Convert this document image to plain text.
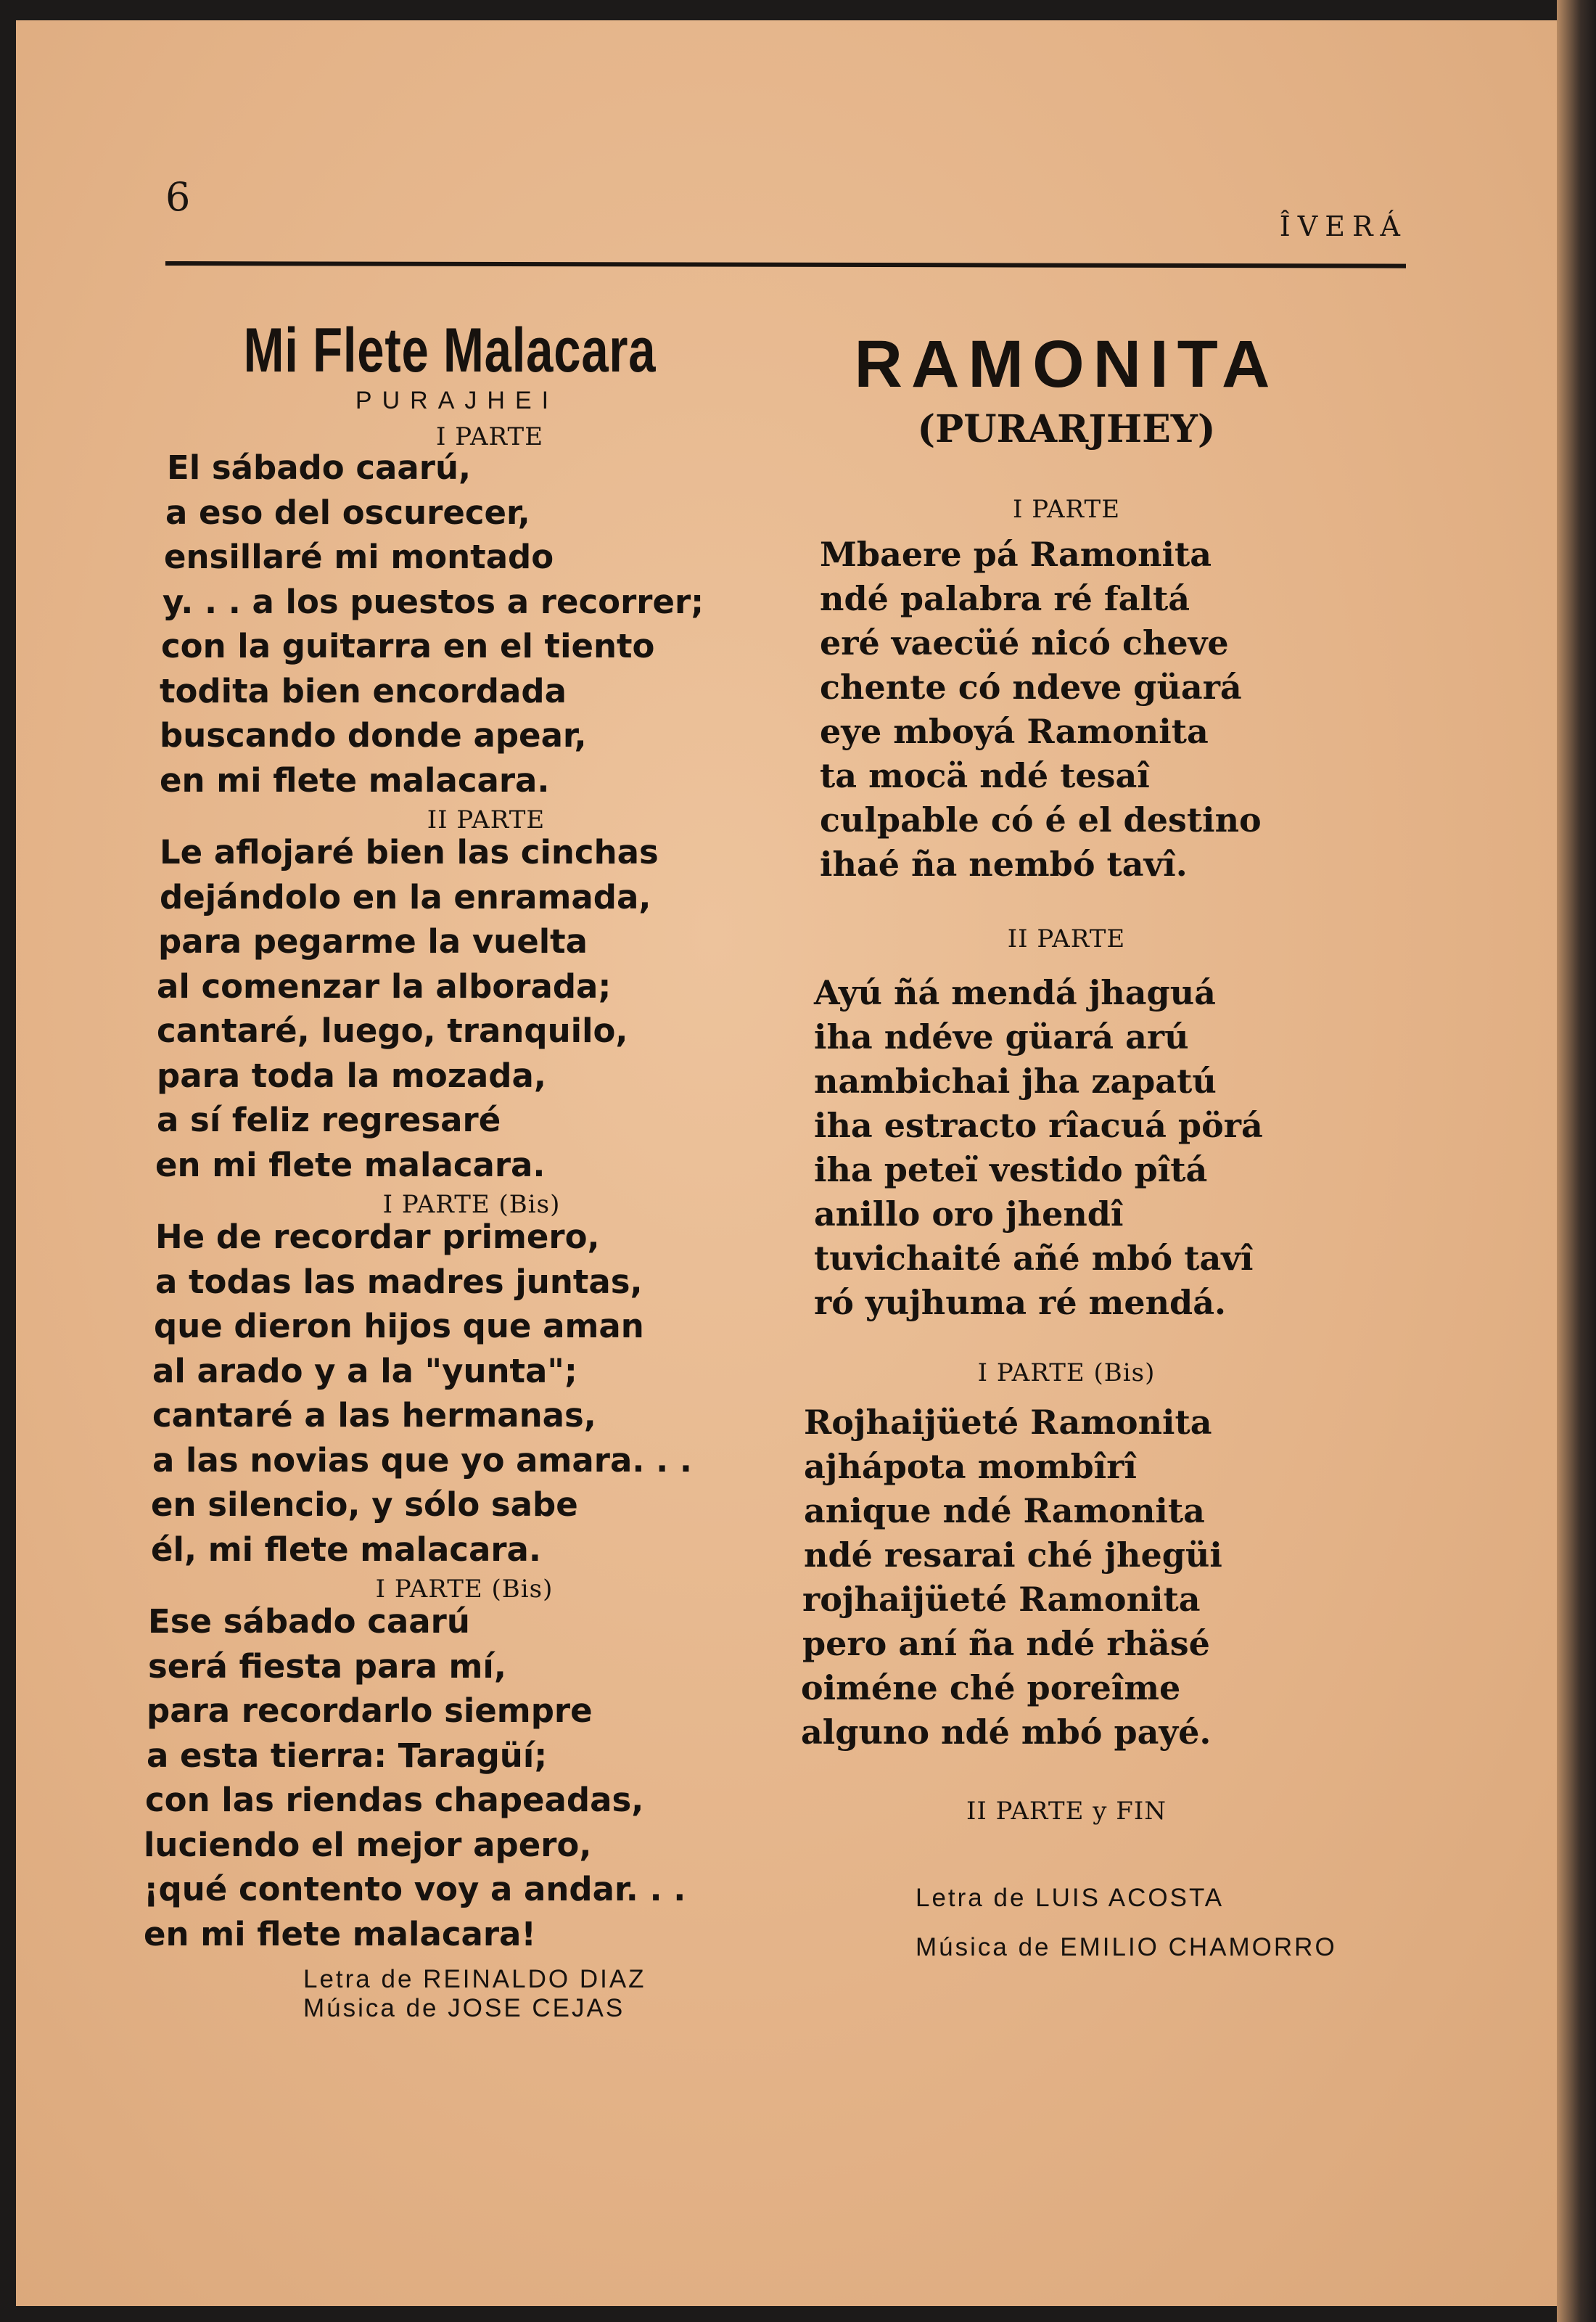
6
ÎVERÁ
Mi Flete Malacara
PURAJHEI
I PARTE
El sábado caarú,
a eso del oscurecer,
ensillaré mi montado
y. . . a los puestos a recorrer;
con la guitarra en el tiento
todita bien encordada
buscando donde apear,
en mi flete malacara.
II PARTE
Le aflojaré bien las cinchas
dejándolo en la enramada,
para pegarme la vuelta
al comenzar la alborada;
cantaré, luego, tranquilo,
para toda la mozada,
a sí feliz regresaré
en mi flete malacara.
I PARTE (Bis)
He de recordar primero,
a todas las madres juntas,
que dieron hijos que aman
al arado y a la "yunta";
cantaré a las hermanas,
a las novias que yo amara. . .
en silencio, y sólo sabe
él, mi flete malacara.
I PARTE (Bis)
Ese sábado caarú
será fiesta para mí,
para recordarlo siempre
a esta tierra: Taragüí;
con las riendas chapeadas,
luciendo el mejor apero,
¡qué contento voy a andar. . .
en mi flete malacara!
Letra de REINALDO DIAZ
Música de JOSE CEJAS
RAMONITA
(PURARJHEY)
I PARTE
Mbaere pá Ramonita
ndé palabra ré faltá
eré vaecüé nicó cheve
chente có ndeve güará
eye mboyá Ramonita
ta mocä ndé tesaî
culpable có é el destino
ihaé ña nembó tavî.
II PARTE
Ayú ñá mendá jhaguá
iha ndéve güará arú
nambichai jha zapatú
iha estracto rîacuá pörá
iha peteï vestido pîtá
anillo oro jhendî
tuvichaité añé mbó tavî
ró yujhuma ré mendá.
I PARTE (Bis)
Rojhaijüeté Ramonita
ajhápota mombîrî
anique ndé Ramonita
ndé resarai ché jhegüi
rojhaijüeté Ramonita
pero aní ña ndé rhäsé
oiméne ché poreîme
alguno ndé mbó payé.
II PARTE y FIN
Letra de LUIS ACOSTA
Música de EMILIO CHAMORRO
